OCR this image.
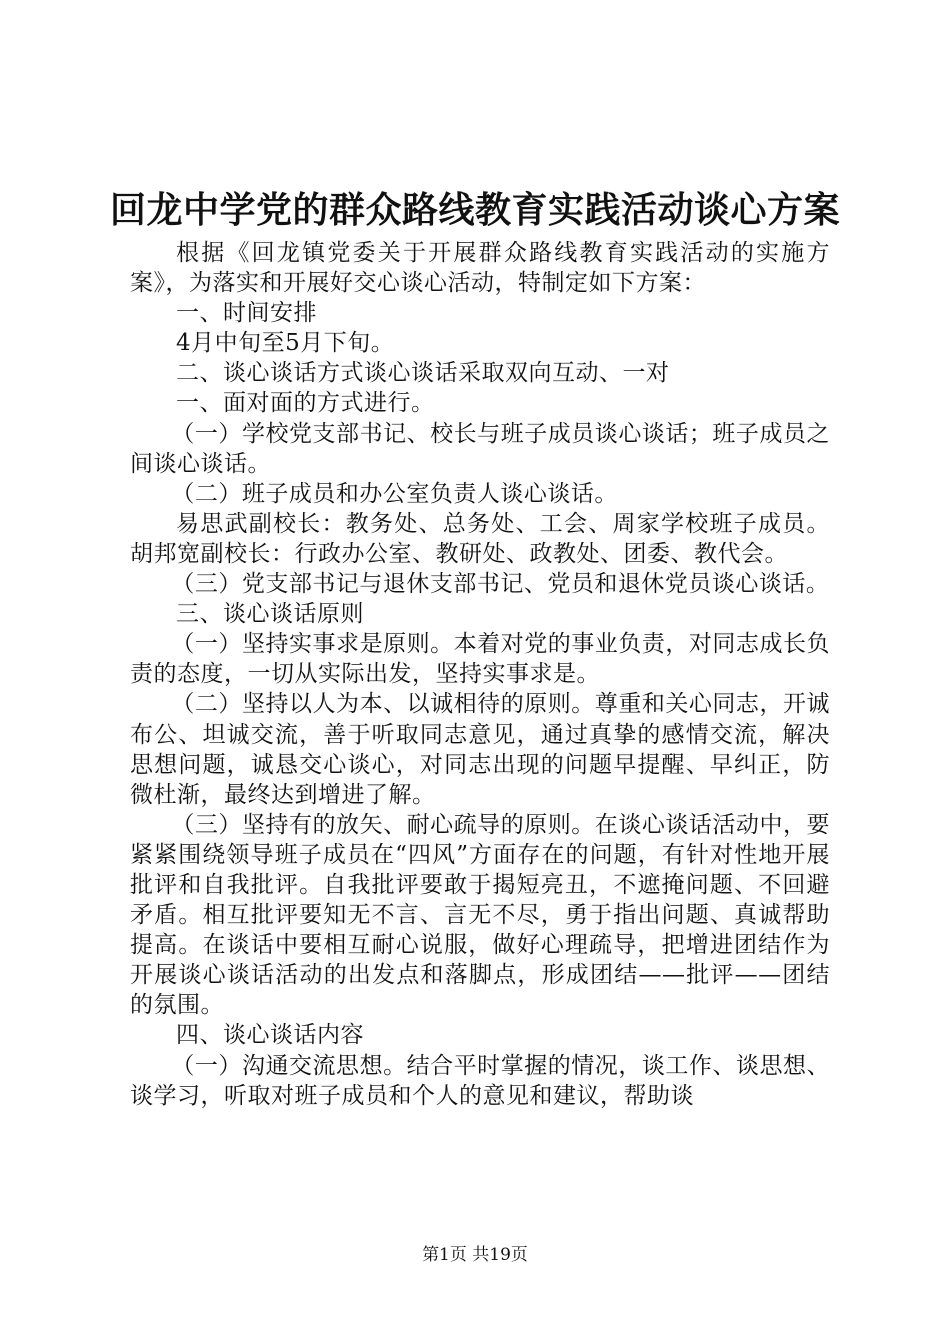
回龙中学党的群众路线教育实践活动谈心方案

根据《回龙镇党委关于开展群众路线教育实践活动的实施方案》，为落实和开展好交心谈心活动，特制定如下方案：

一、时间安排

4月中旬至5月下旬。

二、谈心谈话方式谈心谈话采取双向互动、一对

一、面对面的方式进行。

（一）学校党支部书记、校长与班子成员谈心谈话；班子成员之间谈心谈话。

（二）班子成员和办公室负责人谈心谈话。

易思武副校长：教务处、总务处、工会、周家学校班子成员。胡邦宽副校长：行政办公室、教研处、政教处、团委、教代会。

（三）党支部书记与退休支部书记、党员和退休党员谈心谈话。

三、谈心谈话原则

（一）坚持实事求是原则。本着对党的事业负责，对同志成长负责的态度，一切从实际出发，坚持实事求是。

（二）坚持以人为本、以诚相待的原则。尊重和关心同志，开诚布公、坦诚交流，善于听取同志意见，通过真挚的感情交流，解决思想问题，诚恳交心谈心，对同志出现的问题早提醒、早纠正，防微杜渐，最终达到增进了解。

（三）坚持有的放矢、耐心疏导的原则。在谈心谈话活动中，要紧紧围绕领导班子成员在“四风”方面存在的问题，有针对性地开展批评和自我批评。自我批评要敢于揭短亮丑，不遮掩问题、不回避矛盾。相互批评要知无不言、言无不尽，勇于指出问题、真诚帮助提高。在谈话中要相互耐心说服，做好心理疏导，把增进团结作为开展谈心谈话活动的出发点和落脚点，形成团结——批评——团结的氛围。

四、谈心谈话内容

（一）沟通交流思想。结合平时掌握的情况，谈工作、谈思想、谈学习，听取对班子成员和个人的意见和建议，帮助谈

第1页 共19页
